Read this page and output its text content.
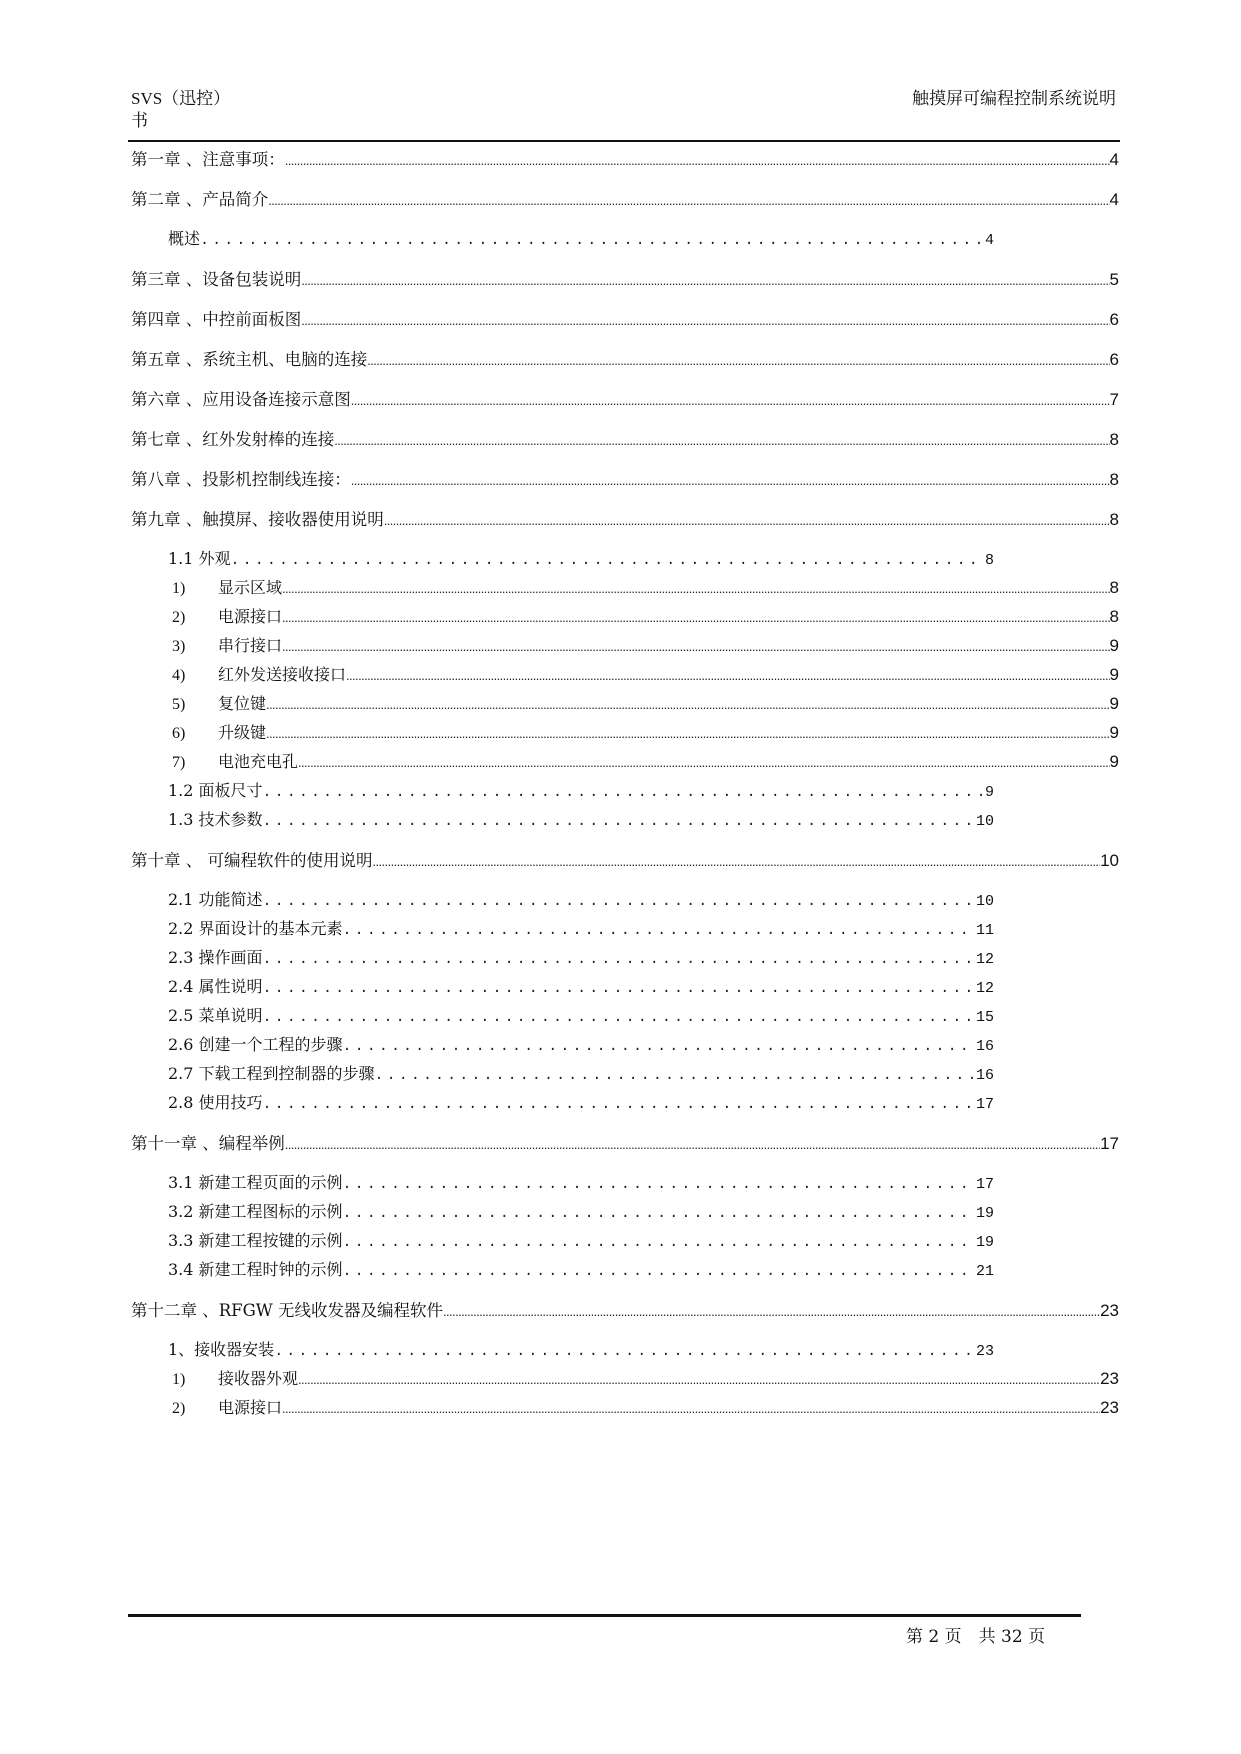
SVS（迅控）
书
触摸屏可编程控制系统说明
第一章 、注意事项： .....	4
第二章 、产品简介 .....	4
概述 .....	4
第三章 、设备包装说明 .....	5
第四章 、中控前面板图 .....	6
第五章 、系统主机、电脑的连接 .....	6
第六章 、应用设备连接示意图 .....	7
第七章 、红外发射棒的连接 .....	8
第八章 、投影机控制线连接： .....	8
第九章 、触摸屏、接收器使用说明 .....	8
1.1 外观 .....	8
1)	显示区域 .....	8
2)	电源接口 .....	8
3)	串行接口 .....	9
4)	红外发送接收接口 .....	9
5)	复位键 .....	9
6)	升级键 .....	9
7)	电池充电孔 .....	9
1.2 面板尺寸 .....	9
1.3 技术参数 .....	10
第十章 、 可编程软件的使用说明 .....	10
2.1 功能简述 .....	10
2.2 界面设计的基本元素 .....	11
2.3 操作画面 .....	12
2.4 属性说明 .....	12
2.5 菜单说明 .....	15
2.6 创建一个工程的步骤 .....	16
2.7 下载工程到控制器的步骤 .....	16
2.8 使用技巧 .....	17
第十一章 、编程举例 .....	17
3.1 新建工程页面的示例 .....	17
3.2 新建工程图标的示例 .....	19
3.3 新建工程按键的示例 .....	19
3.4 新建工程时钟的示例 .....	21
第十二章 、RFGW 无线收发器及编程软件 .....	23
1、接收器安装 .....	23
1)	接收器外观 .....	23
2)	电源接口 .....	23
第 2 页　共 32 页
